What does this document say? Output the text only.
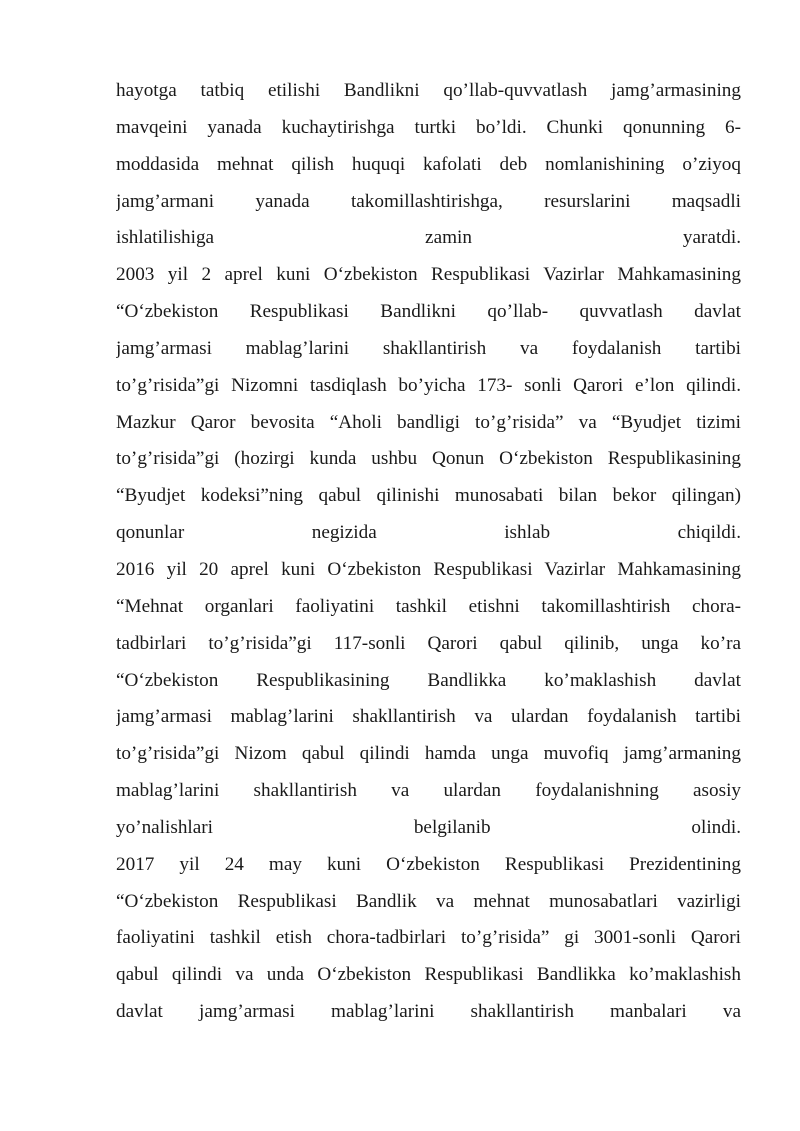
hayotga tatbiq etilishi Bandlikni qo’llab-quvvatlash jamg’armasining
mavqeini yanada kuchaytirishga turtki bo’ldi. Chunki qonunning 6-
moddasida mehnat qilish huquqi kafolati deb nomlanishining o’ziyoq
jamg’armani yanada takomillashtirishga, resurslarini maqsadli
ishlatilishiga zamin yaratdi.
2003 yil 2 aprel kuni O‘zbekiston Respublikasi Vazirlar Mahkamasining
“O‘zbekiston Respublikasi Bandlikni qo’llab- quvvatlash davlat
jamg’armasi mablag’larini shakllantirish va foydalanish tartibi
to’g’risida”gi Nizomni tasdiqlash bo’yicha 173- sonli Qarori e’lon qilindi.
Mazkur Qaror bevosita “Aholi bandligi to’g’risida” va “Byudjet tizimi
to’g’risida”gi (hozirgi kunda ushbu Qonun O‘zbekiston Respublikasining
“Byudjet kodeksi”ning qabul qilinishi munosabati bilan bekor qilingan)
qonunlar negizida ishlab chiqildi.
2016 yil 20 aprel kuni O‘zbekiston Respublikasi Vazirlar Mahkamasining
“Mehnat organlari faoliyatini tashkil etishni takomillashtirish chora-
tadbirlari to’g’risida”gi 117-sonli Qarori qabul qilinib, unga ko’ra
“O‘zbekiston Respublikasining Bandlikka ko’maklashish davlat
jamg’armasi mablag’larini shakllantirish va ulardan foydalanish tartibi
to’g’risida”gi Nizom qabul qilindi hamda unga muvofiq jamg’armaning
mablag’larini shakllantirish va ulardan foydalanishning asosiy
yo’nalishlari belgilanib olindi.
2017 yil 24 may kuni O‘zbekiston Respublikasi Prezidentining
“O‘zbekiston Respublikasi Bandlik va mehnat munosabatlari vazirligi
faoliyatini tashkil etish chora-tadbirlari to’g’risida” gi 3001-sonli Qarori
qabul qilindi va unda O‘zbekiston Respublikasi Bandlikka ko’maklashish
davlat jamg’armasi mablag’larini shakllantirish manbalari va
